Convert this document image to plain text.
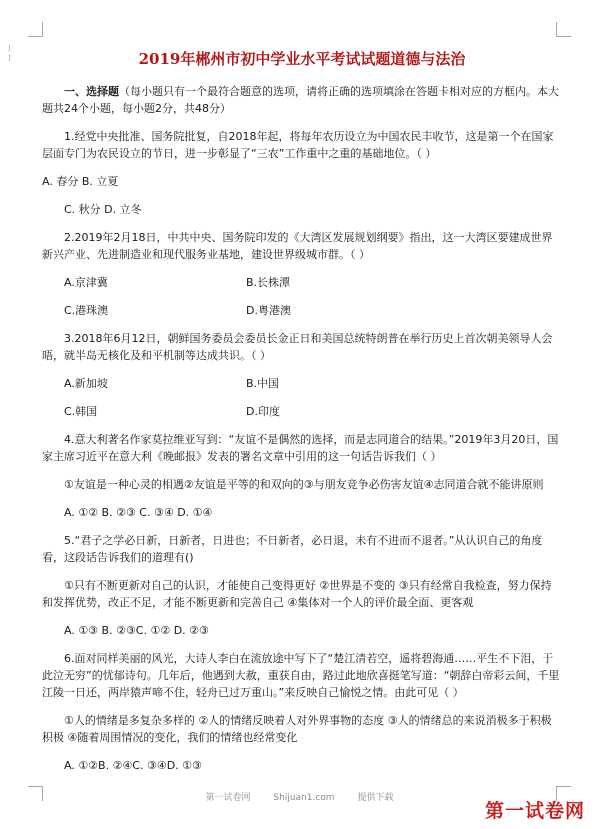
⁞
⁞	2019年郴州市初中学业水平考试试题道德与法治

一、选择题（每小题只有一个最符合题意的选项，请将正确的选项填涂在答题卡相对应的方框内。本大题共24个小题，每小题2分，共48分）

1.经党中央批准、国务院批复，自2018年起，将每年农历设立为中国农民丰收节，这是第一个在国家层面专门为农民设立的节日，进一步彰显了“三农”工作重中之重的基础地位。（ ）

A. 春分 B. 立夏

C. 秋分 D. 立冬

2.2019年2月18日，中共中央、国务院印发的《大湾区发展规划纲要》指出，这一大湾区要建成世界新兴产业、先进制造业和现代服务业基地，建设世界级城市群。（ ）

A.京津冀	B.长株潭
C.港珠澳	D.粤港澳

3.2018年6月12日，朝鲜国务委员会委员长金正日和美国总统特朗普在举行历史上首次朝美领导人会晤，就半岛无核化及和平机制等达成共识。（ ）

A.新加坡	B.中国
C.韩国	D.印度

4.意大利著名作家莫拉维亚写到：“友谊不是偶然的选择，而是志同道合的结果。”2019年3月20日，国家主席习近平在意大利《晚邮报》发表的署名文章中引用的这一句话告诉我们（ ）

①友谊是一种心灵的相遇②友谊是平等的和双向的③与朋友竞争必伤害友谊④志同道合就不能讲原则

A. ①② B. ②③ C. ③④ D. ①④

5.“君子之学必日新，日新者，日进也；不日新者，必日退，未有不进而不退者。”从认识自己的角度看，这段话告诉我们的道理有()

①只有不断更新对自己的认识，才能使自己变得更好 ②世界是不变的 ③只有经常自我检查，努力保持和发挥优势，改正不足，才能不断更新和完善自己 ④集体对一个人的评价最全面、更客观

A. ①③ B. ②③C. ①② D. ②③

6.面对同样美丽的风光，大诗人李白在流放途中写下了“楚江清若空，遥将碧海通……平生不下泪，于此泣无穷”的忧郁诗句。几年后，他遇到大赦，重获自由，路过此地欣喜挺笔写道：“朝辞白帝彩云间，千里江陵一日还，两岸猿声啼不住，轻舟已过万重山。”来反映自己愉悦之情。由此可见（ ）

①人的情绪是多复杂多样的 ②人的情绪反映着人对外界事物的态度 ③人的情绪总的来说消极多于积极积极 ④随着周围情况的变化，我们的情绪也经常变化

A. ①②B. ②④C. ③④D. ①③

第一试卷网	Shijuan1.com	提供下载
第一试卷网
